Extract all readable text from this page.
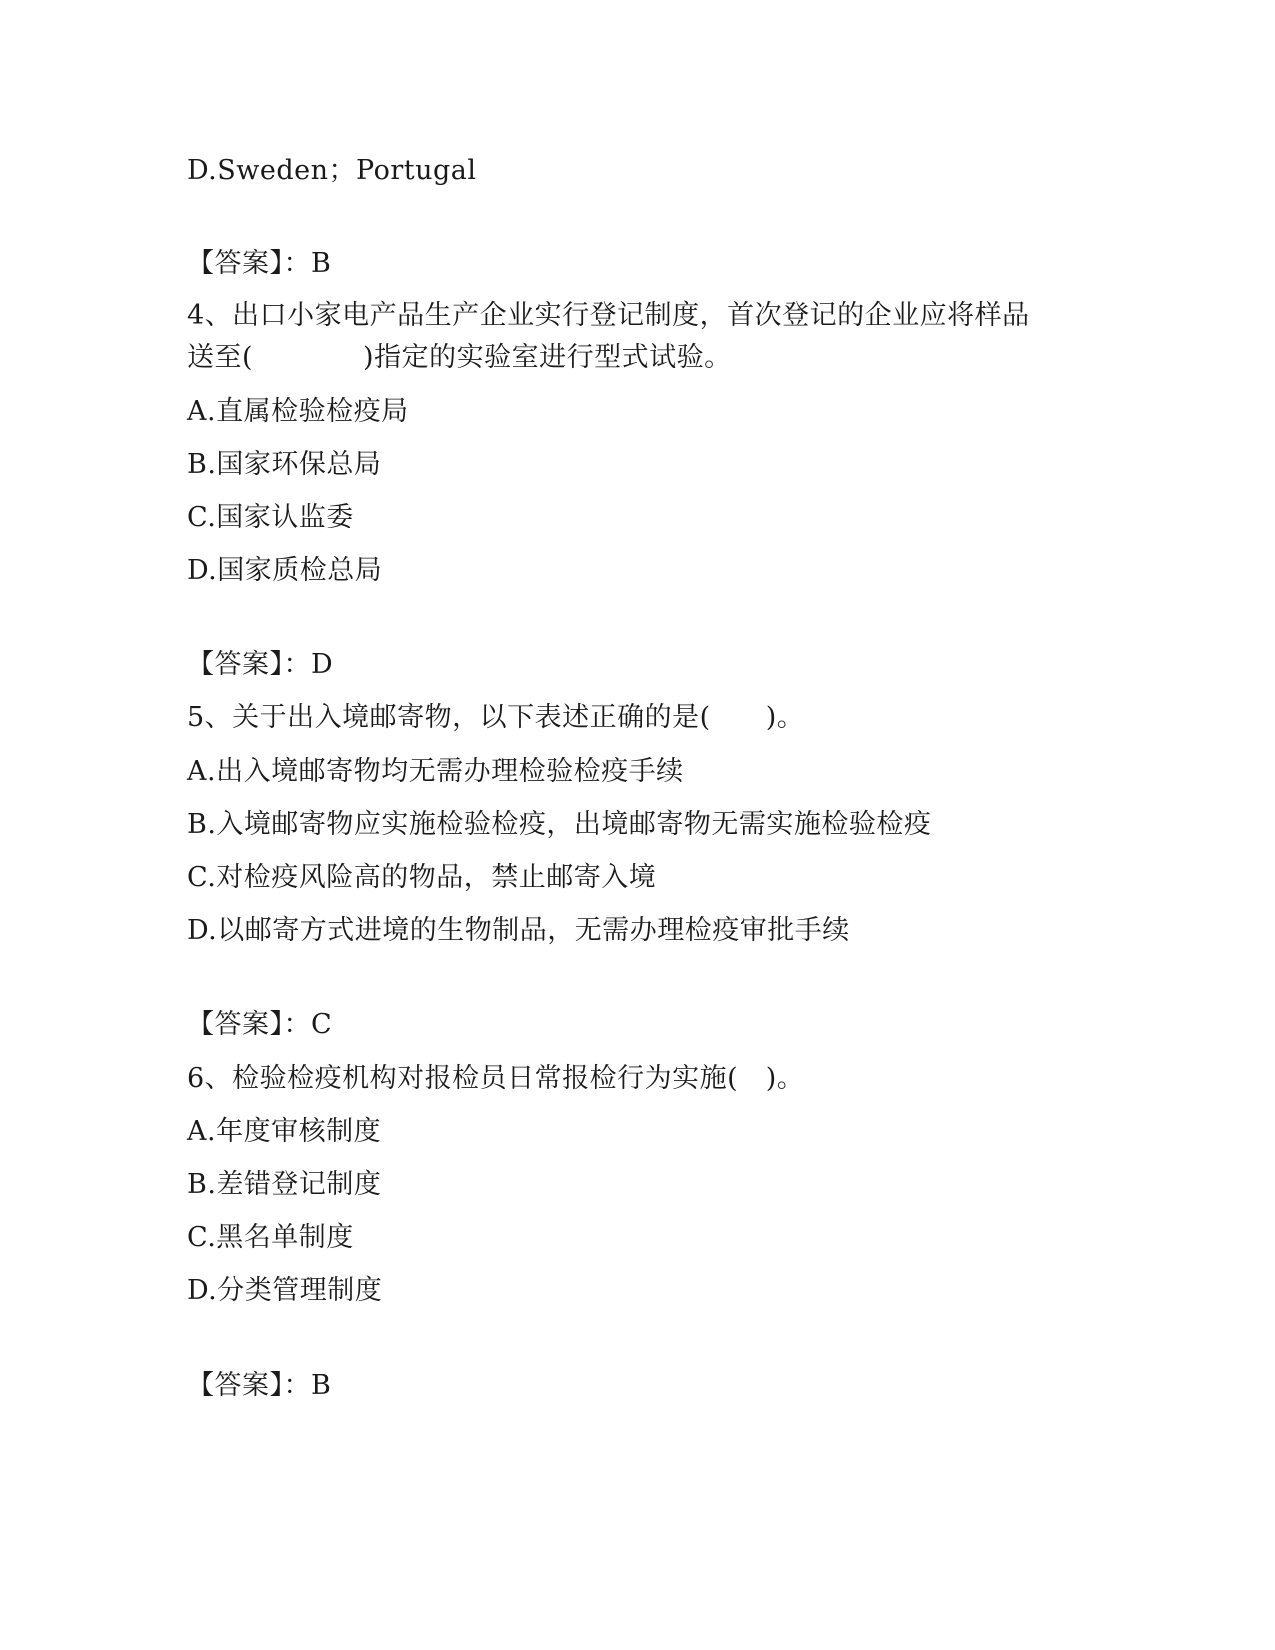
D.Sweden；Portugal
【答案】：B
4、出口小家电产品生产企业实行登记制度，首次登记的企业应将样品
送至(　　　　)指定的实验室进行型式试验。
A.直属检验检疫局
B.国家环保总局
C.国家认监委
D.国家质检总局
【答案】：D
5、关于出入境邮寄物，以下表述正确的是(　　)。
A.出入境邮寄物均无需办理检验检疫手续
B.入境邮寄物应实施检验检疫，出境邮寄物无需实施检验检疫
C.对检疫风险高的物品，禁止邮寄入境
D.以邮寄方式进境的生物制品，无需办理检疫审批手续
【答案】：C
6、检验检疫机构对报检员日常报检行为实施(　)。
A.年度审核制度
B.差错登记制度
C.黑名单制度
D.分类管理制度
【答案】：B
